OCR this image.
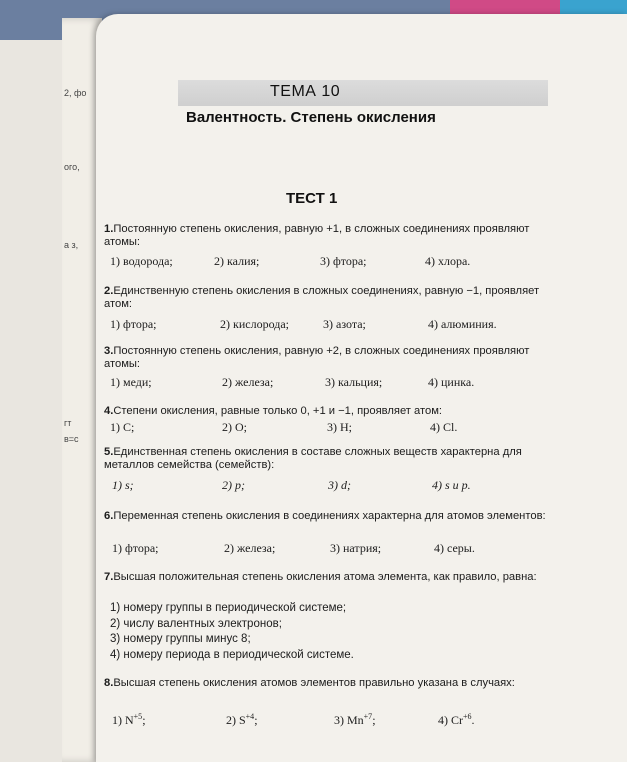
2, фо
ого,
а з,
гт
в=с
ТЕМА 10
Валентность. Степень окисления
ТЕСТ 1
1.Постоянную степень окисления, равную +1, в сложных соединениях проявляют атомы:
1) водорода;	2) калия;	3) фтора;	4) хлора.
2.Единственную степень окисления в сложных соединениях, равную −1, проявляет атом:
1) фтора;	2) кислорода;	3) азота;	4) алюминия.
3.Постоянную степень окисления, равную +2, в сложных соединениях проявляют атомы:
1) меди;	2) железа;	3) кальция;	4) цинка.
4.Степени окисления, равные только 0, +1 и −1, проявляет атом:
1) C;	2) O;	3) H;	4) Cl.
5.Единственная степень окисления в составе сложных веществ характерна для металлов семейства (семейств):
1) s;	2) p;	3) d;	4) s и p.
6.Переменная степень окисления в соединениях характерна для атомов элементов:
1) фтора;	2) железа;	3) натрия;	4) серы.
7.Высшая положительная степень окисления атома элемента, как правило, равна:
1) номеру группы в периодической системе;
2) числу валентных электронов;
3) номеру группы минус 8;
4) номеру периода в периодической системе.
8.Высшая степень окисления атомов элементов правильно указана в случаях:
1) $N^{+5}$;	2) $S^{+4}$;	3) $Mn^{+7}$;	4) $Cr^{+6}$.
